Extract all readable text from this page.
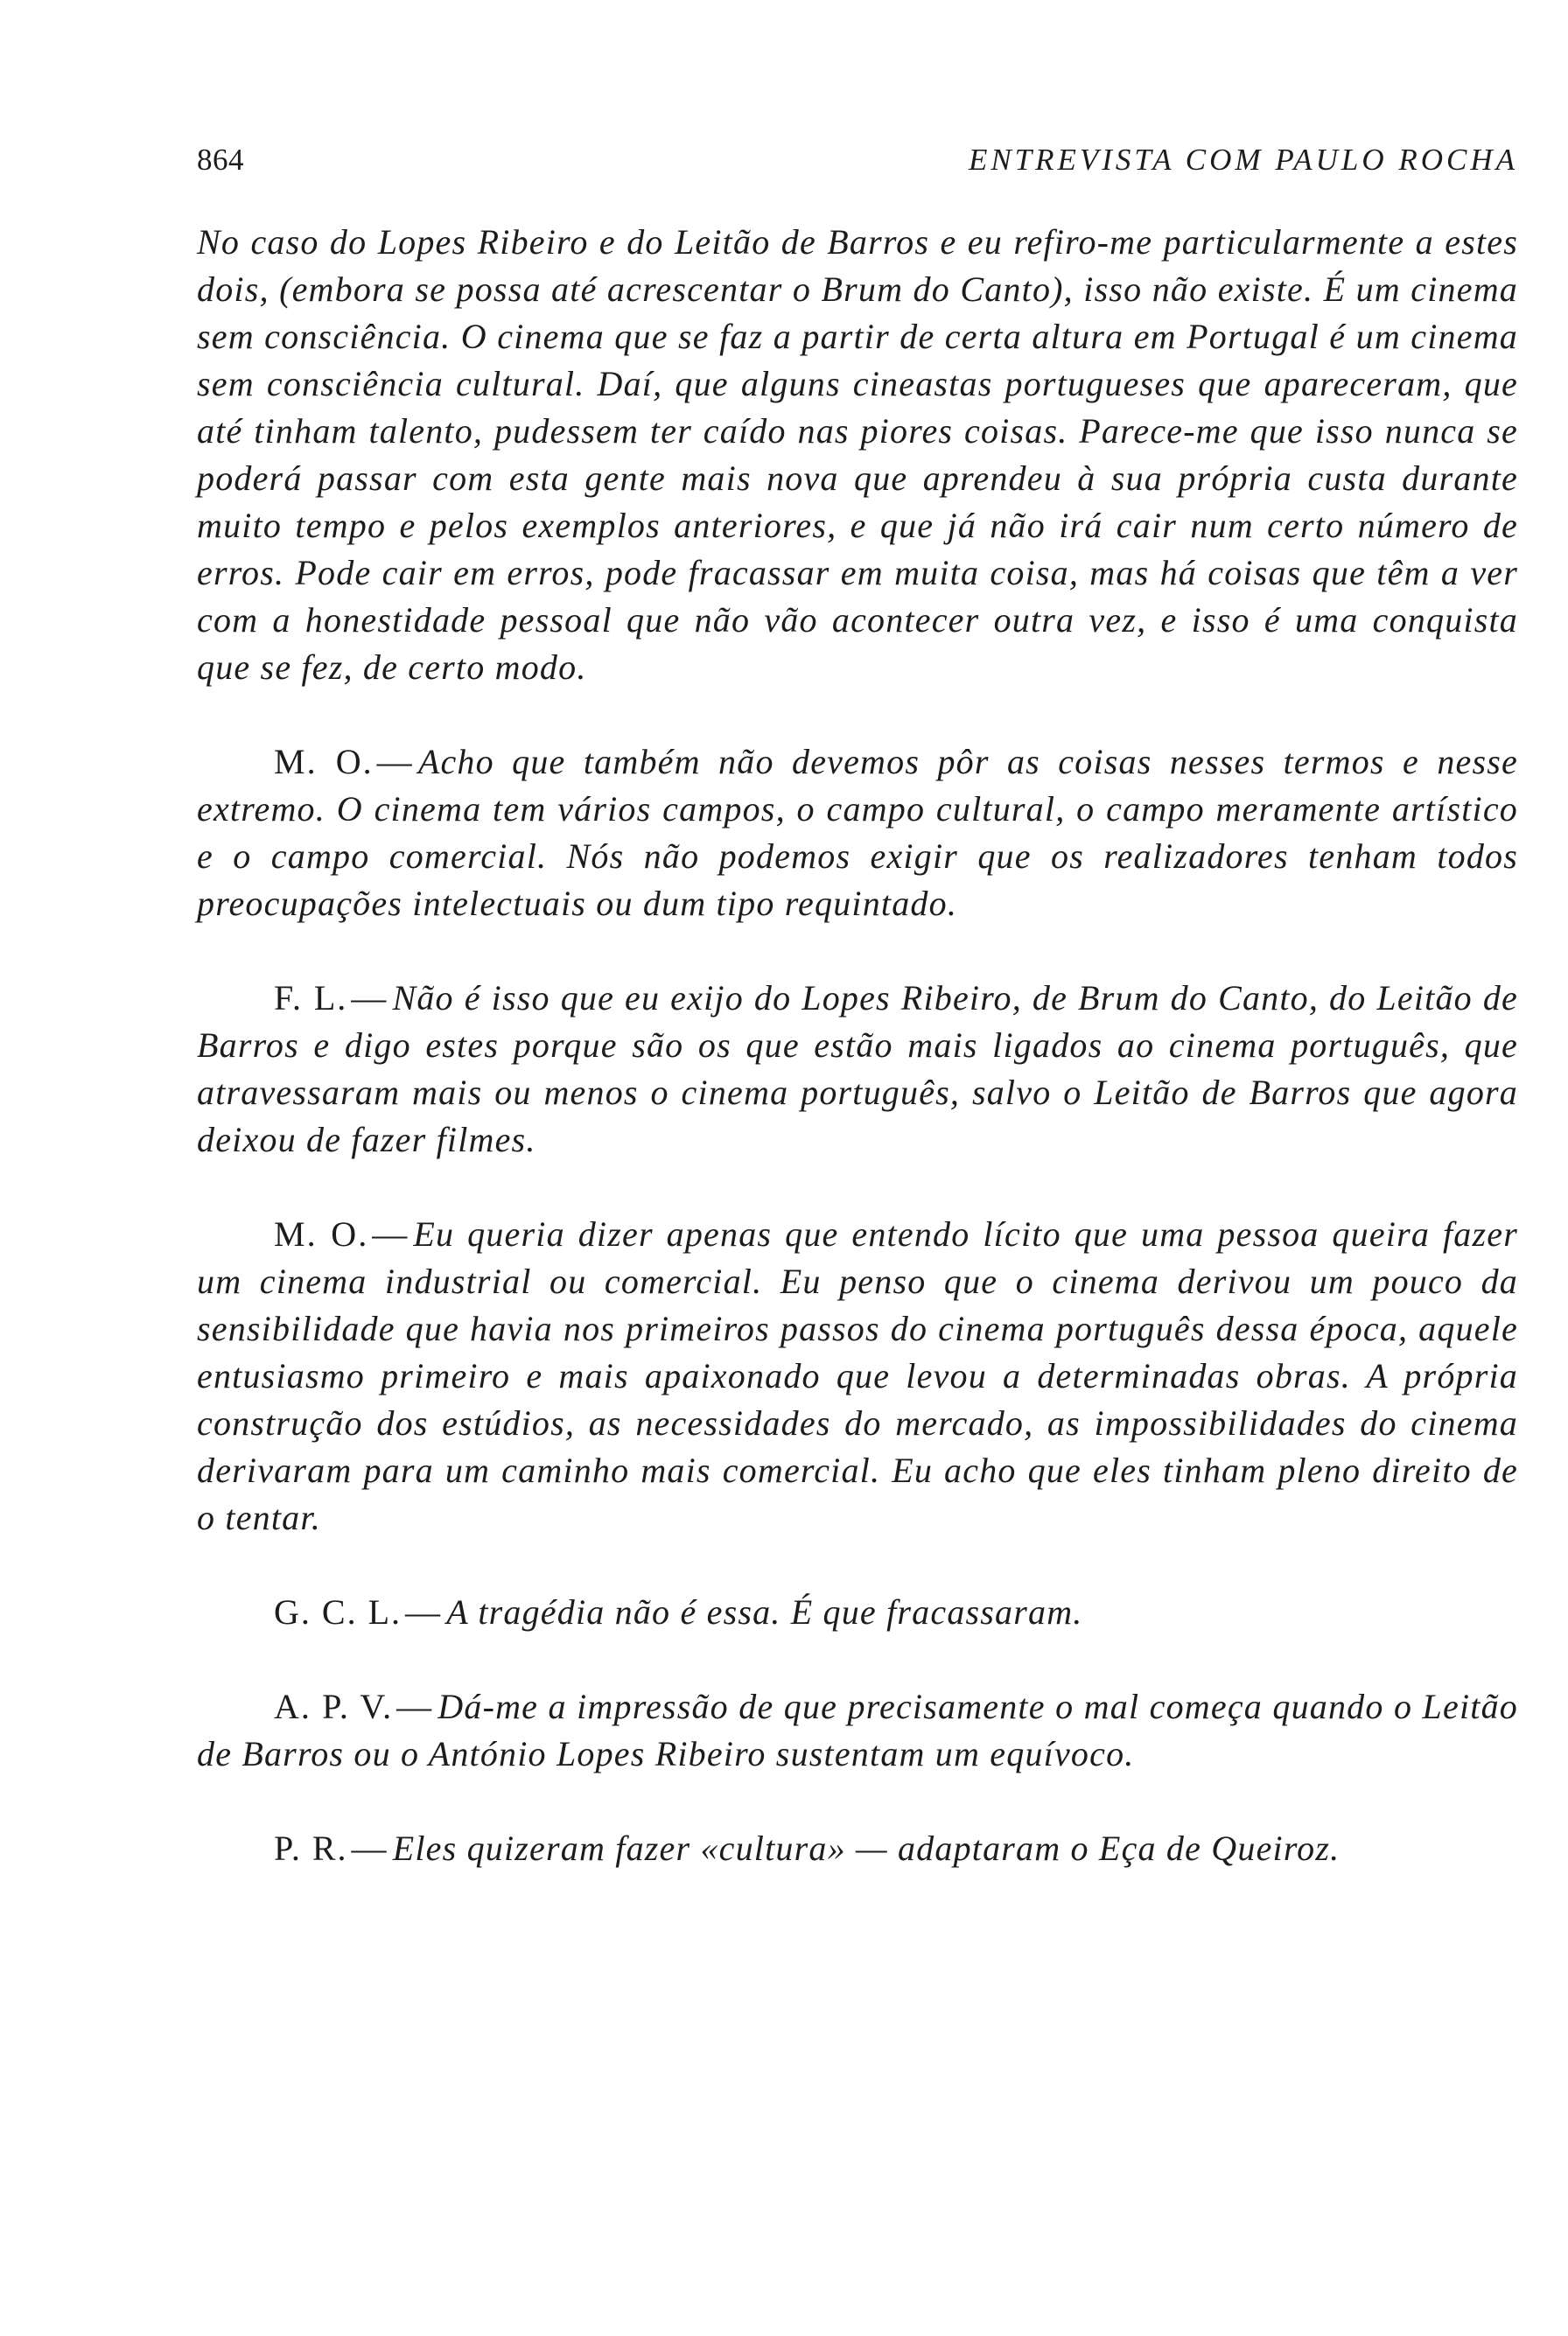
864	ENTREVISTA COM PAULO ROCHA

No caso do Lopes Ribeiro e do Leitão de Barros e eu refiro-me particularmente a estes dois, (embora se possa até acrescentar o Brum do Canto), isso não existe. É um cinema sem consciência. O cinema que se faz a partir de certa altura em Portugal é um cinema sem consciência cultural. Daí, que alguns cineastas portugueses que apareceram, que até tinham talento, pudessem ter caído nas piores coisas. Parece-me que isso nunca se poderá passar com esta gente mais nova que aprendeu à sua própria custa durante muito tempo e pelos exemplos anteriores, e que já não irá cair num certo número de erros. Pode cair em erros, pode fracassar em muita coisa, mas há coisas que têm a ver com a honestidade pessoal que não vão acontecer outra vez, e isso é uma conquista que se fez, de certo modo.

M. O. — Acho que também não devemos pôr as coisas nesses termos e nesse extremo. O cinema tem vários campos, o campo cultural, o campo meramente artístico e o campo comercial. Nós não podemos exigir que os realizadores tenham todos preocupações intelectuais ou dum tipo requintado.

F. L. — Não é isso que eu exijo do Lopes Ribeiro, de Brum do Canto, do Leitão de Barros e digo estes porque são os que estão mais ligados ao cinema português, que atravessaram mais ou menos o cinema português, salvo o Leitão de Barros que agora deixou de fazer filmes.

M. O. — Eu queria dizer apenas que entendo lícito que uma pessoa queira fazer um cinema industrial ou comercial. Eu penso que o cinema derivou um pouco da sensibilidade que havia nos primeiros passos do cinema português dessa época, aquele entusiasmo primeiro e mais apaixonado que levou a determinadas obras. A própria construção dos estúdios, as necessidades do mercado, as impossibilidades do cinema derivaram para um caminho mais comercial. Eu acho que eles tinham pleno direito de o tentar.

G. C. L. — A tragédia não é essa. É que fracassaram.

A. P. V. — Dá-me a impressão de que precisamente o mal começa quando o Leitão de Barros ou o António Lopes Ribeiro sustentam um equívoco.

P. R. — Eles quizeram fazer «cultura» — adaptaram o Eça de Queiroz.
